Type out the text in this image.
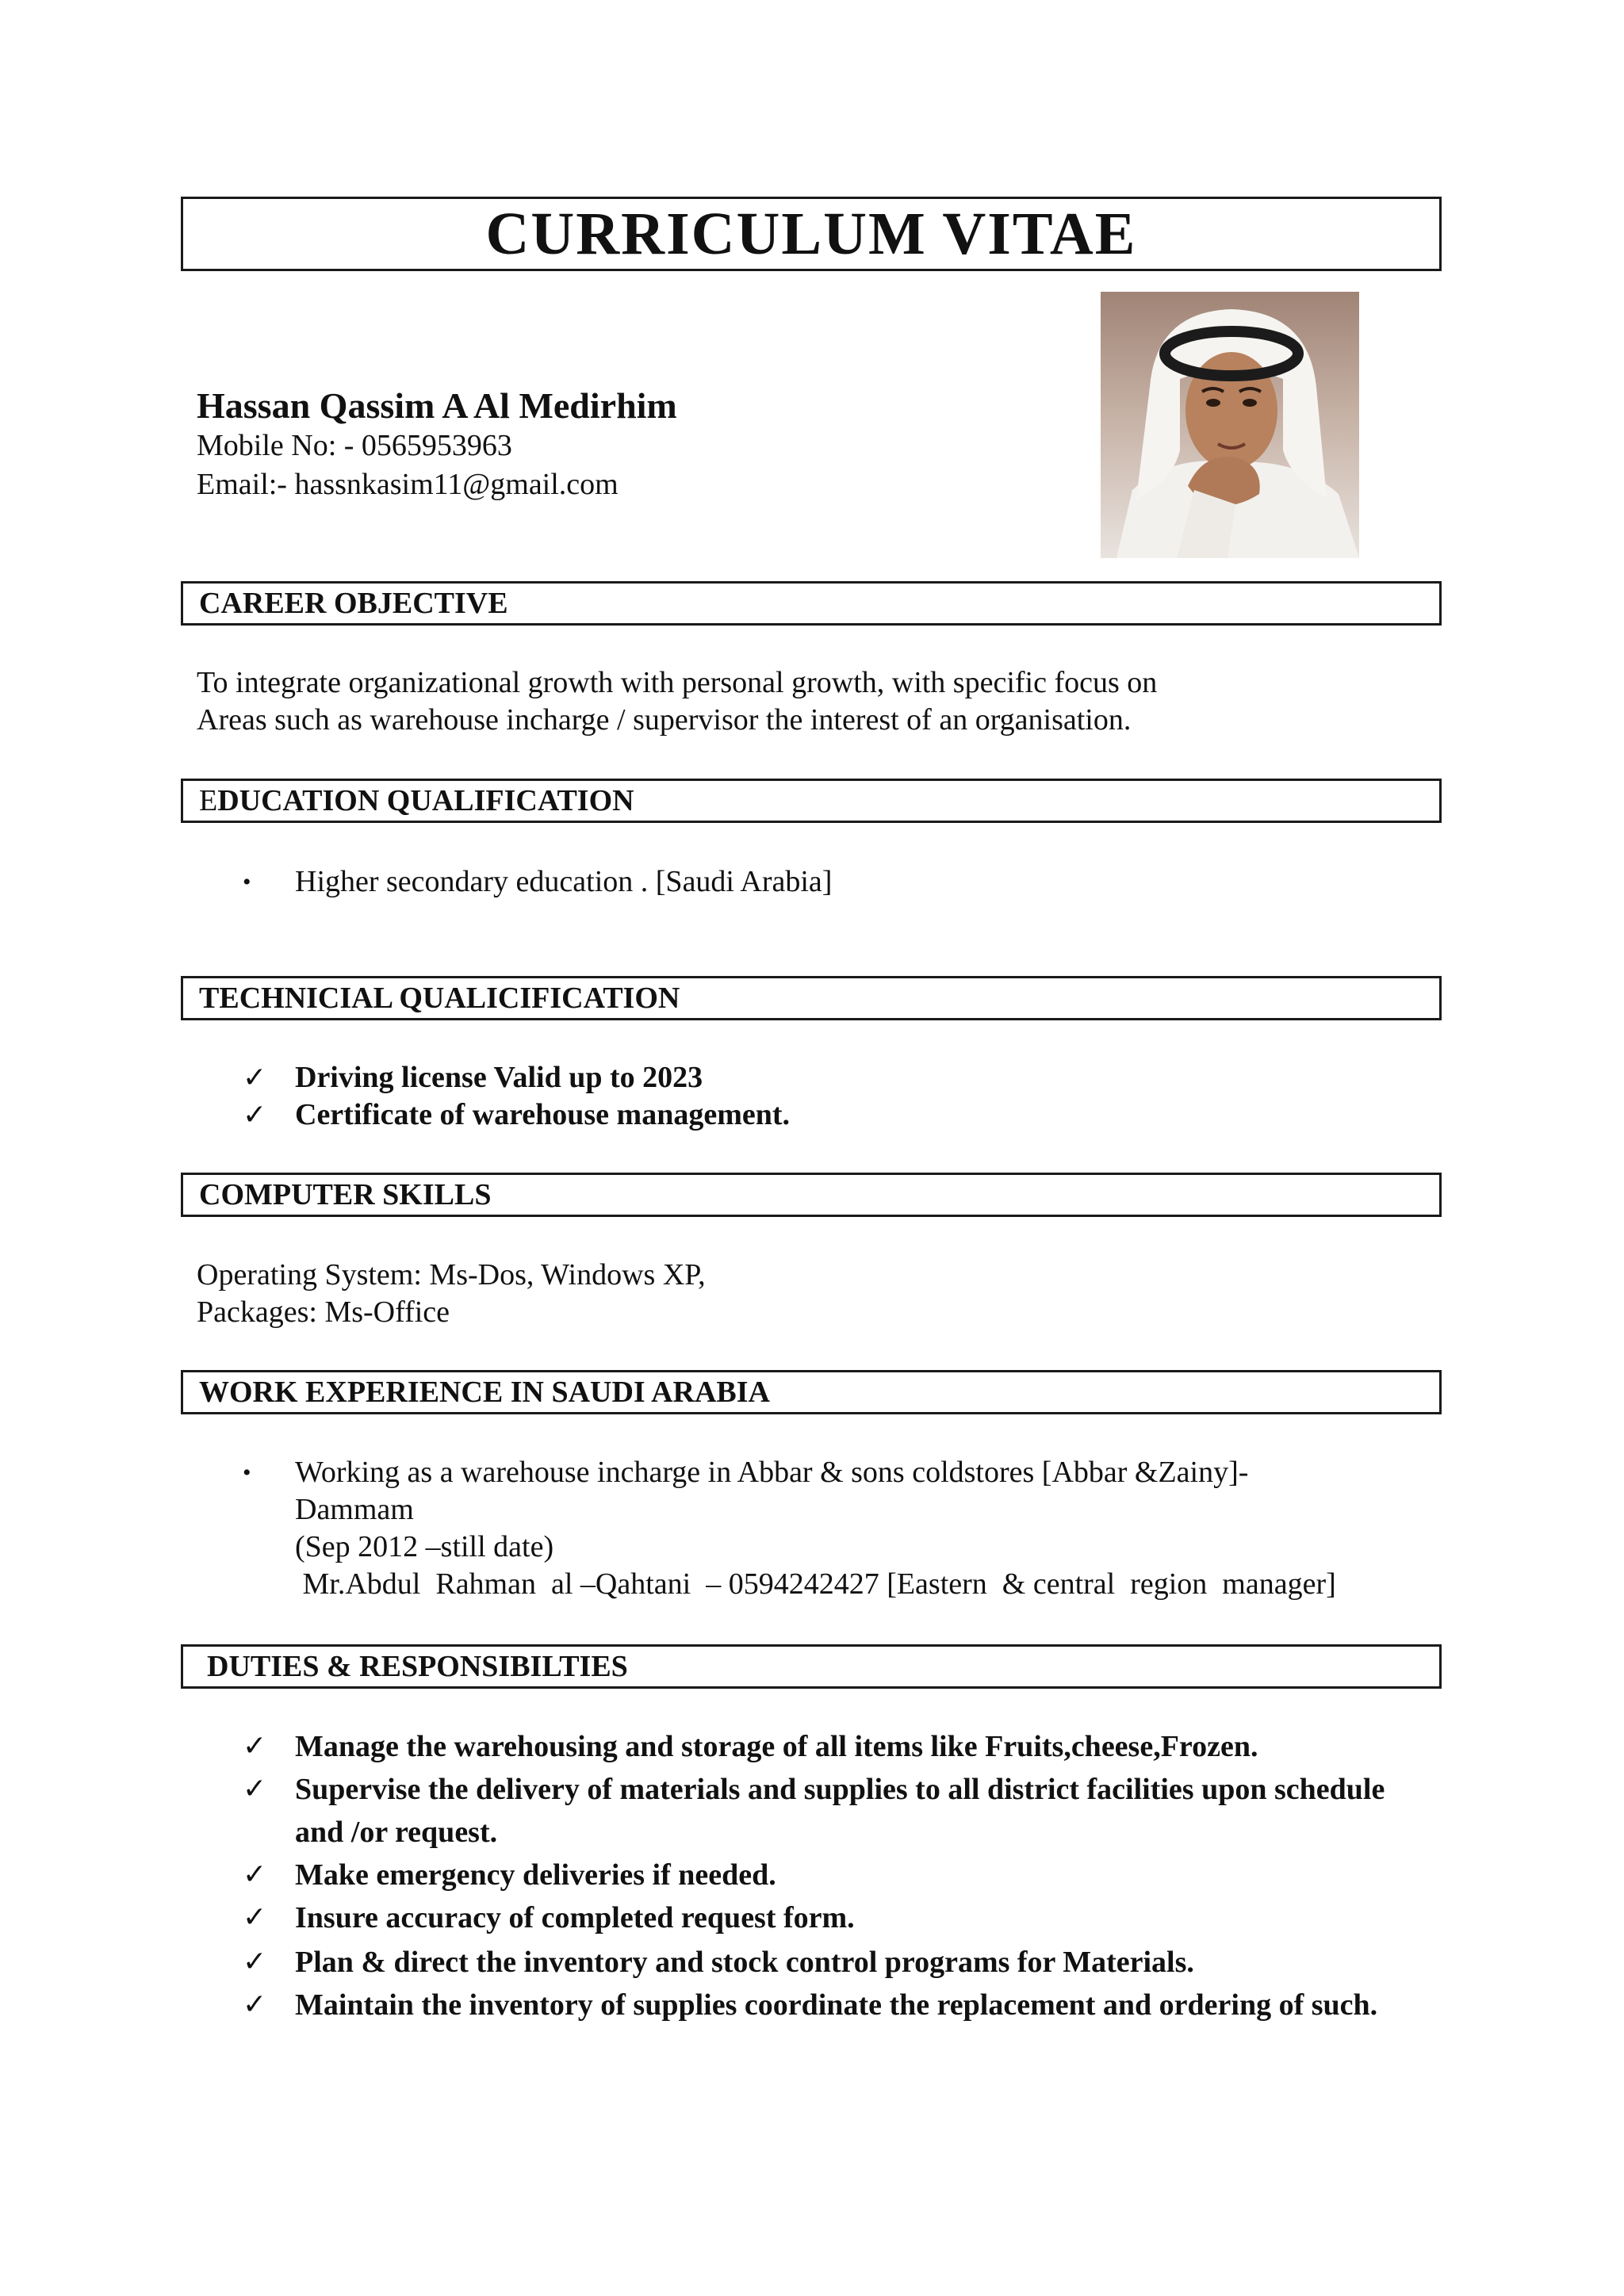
CURRICULUM VITAE
Hassan Qassim A Al Medirhim
Mobile No: - 0565953963
Email:- hassnkasim11@gmail.com
CAREER OBJECTIVE
To integrate organizational growth with personal growth, with specific focus on
Areas such as warehouse incharge / supervisor the interest of an organisation.
EDUCATION QUALIFICATION
•	Higher secondary education . [Saudi Arabia]
TECHNICIAL QUALICIFICATION
✓ Driving license Valid up to 2023
✓ Certificate of warehouse management.
COMPUTER SKILLS
Operating System: Ms-Dos, Windows XP,
Packages: Ms-Office
WORK EXPERIENCE IN SAUDI ARABIA
•	Working as a warehouse incharge in Abbar & sons coldstores [Abbar &Zainy]-
Dammam
(Sep 2012 –still date)
Mr.Abdul  Rahman  al –Qahtani  – 0594242427 [Eastern  & central  region  manager]
DUTIES & RESPONSIBILTIES
✓ Manage the warehousing and storage of all items like Fruits,cheese,Frozen.
✓ Supervise the delivery of materials and supplies to all district facilities upon schedule and /or request.
✓ Make emergency deliveries if needed.
✓ Insure accuracy of completed request form.
✓ Plan & direct the inventory and stock control programs for Materials.
✓ Maintain the inventory of supplies coordinate the replacement and ordering of such.
